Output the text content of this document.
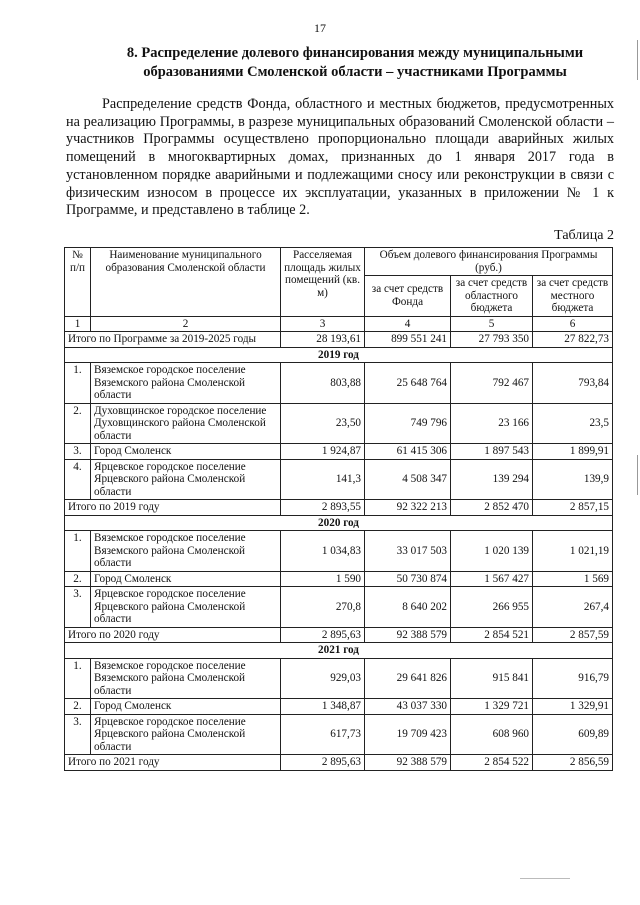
17
8. Распределение долевого финансирования между муниципальными
образованиями Смоленской области – участниками Программы
Распределение средств Фонда, областного и местных бюджетов, предусмотренных на реализацию Программы, в разрезе муниципальных образований Смоленской области – участников Программы осуществлено пропорционально площади аварийных жилых помещений в многоквартирных домах, признанных до 1 января 2017 года в установленном порядке аварийными и подлежащими сносу или реконструкции в связи с физическим износом в процессе их эксплуатации, указанных в приложении № 1 к Программе, и представлено в таблице 2.
Таблица 2
№ п/п	Наименование муниципального образования Смоленской области	Расселяемая площадь жилых помещений (кв. м)	Объем долевого финансирования Программы (руб.)		
			за счет средств Фонда	за счет средств областного бюджета	за счет средств местного бюджета
1	2	3	4	5	6
Итого по Программе за 2019-2025 годы		28 193,61	899 551 241	27 793 350	27 822,73
2019 год					
1.	Вяземское городское поселение Вяземского района Смоленской области	803,88	25 648 764	792 467	793,84
2.	Духовщинское городское поселение Духовщинского района Смоленской области	23,50	749 796	23 166	23,5
3.	Город Смоленск	1 924,87	61 415 306	1 897 543	1 899,91
4.	Ярцевское городское поселение Ярцевского района Смоленской области	141,3	4 508 347	139 294	139,9
Итого по 2019 году		2 893,55	92 322 213	2 852 470	2 857,15
2020 год					
1.	Вяземское городское поселение Вяземского района Смоленской области	1 034,83	33 017 503	1 020 139	1 021,19
2.	Город Смоленск	1 590	50 730 874	1 567 427	1 569
3.	Ярцевское городское поселение Ярцевского района Смоленской области	270,8	8 640 202	266 955	267,4
Итого по 2020 году		2 895,63	92 388 579	2 854 521	2 857,59
2021 год					
1.	Вяземское городское поселение Вяземского района Смоленской области	929,03	29 641 826	915 841	916,79
2.	Город Смоленск	1 348,87	43 037 330	1 329 721	1 329,91
3.	Ярцевское городское поселение Ярцевского района Смоленской области	617,73	19 709 423	608 960	609,89
Итого по 2021 году		2 895,63	92 388 579	2 854 522	2 856,59
